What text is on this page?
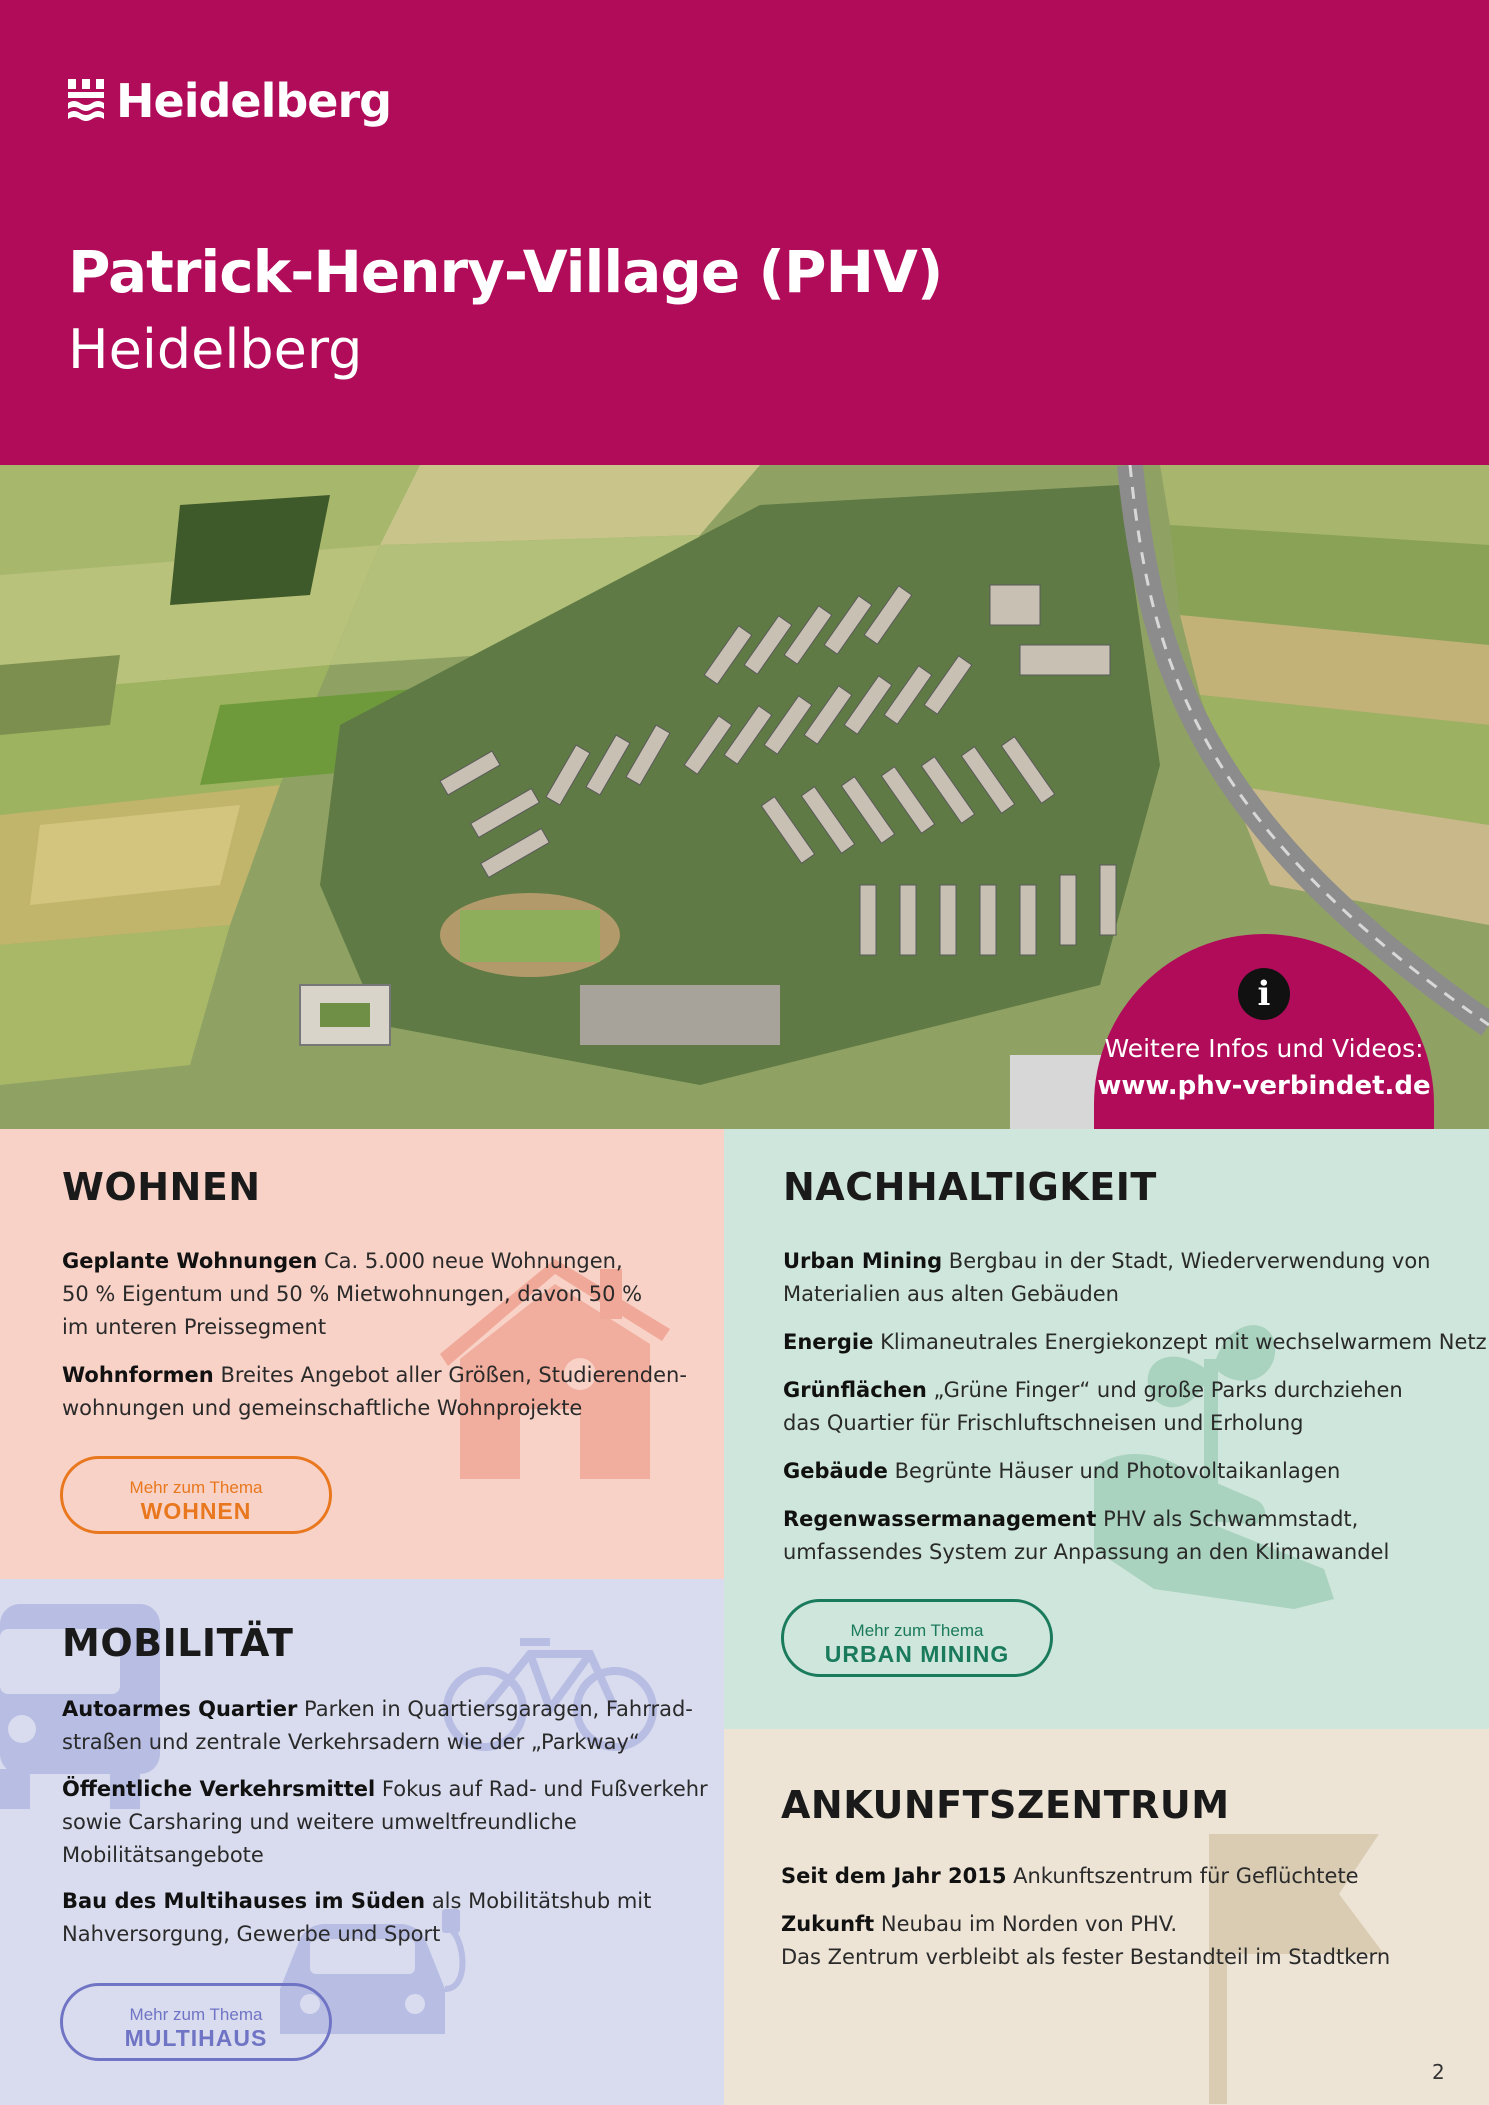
Heidelberg
Patrick-Henry-Village (PHV)
Heidelberg
i
Weitere Infos und Videos:
www.phv-verbindet.de
WOHNEN
Geplante Wohnungen Ca. 5.000 neue Wohnungen,
50 % Eigentum und 50 % Mietwohnungen, davon 50 %
im unteren Preissegment
Wohnformen Breites Angebot aller Größen, Studierenden-
wohnungen und gemeinschaftliche Wohnprojekte
Mehr zum Thema
WOHNEN
NACHHALTIGKEIT
Urban Mining Bergbau in der Stadt, Wiederverwendung von
Materialien aus alten Gebäuden
Energie Klimaneutrales Energiekonzept mit wechselwarmem Netz
Grünflächen „Grüne Finger“ und große Parks durchziehen
das Quartier für Frischluftschneisen und Erholung
Gebäude Begrünte Häuser und Photovoltaikanlagen
Regenwassermanagement PHV als Schwammstadt,
umfassendes System zur Anpassung an den Klimawandel
Mehr zum Thema
URBAN MINING
MOBILITÄT
Autoarmes Quartier Parken in Quartiersgaragen, Fahrrad-
straßen und zentrale Verkehrsadern wie der „Parkway“
Öffentliche Verkehrsmittel Fokus auf Rad- und Fußverkehr
sowie Carsharing und weitere umweltfreundliche
Mobilitätsangebote
Bau des Multihauses im Süden als Mobilitätshub mit
Nahversorgung, Gewerbe und Sport
Mehr zum Thema
MULTIHAUS
ANKUNFTSZENTRUM
Seit dem Jahr 2015 Ankunftszentrum für Geflüchtete
Zukunft Neubau im Norden von PHV.
Das Zentrum verbleibt als fester Bestandteil im Stadtkern
2
